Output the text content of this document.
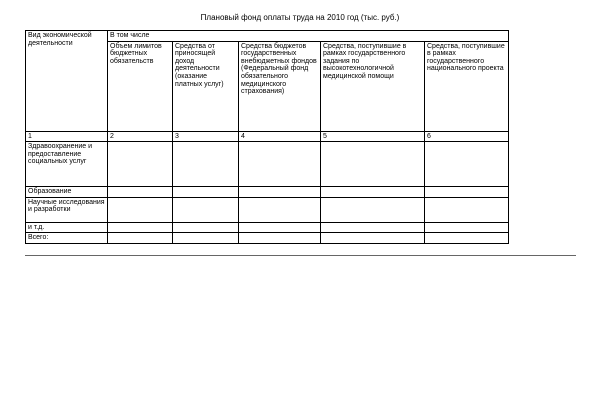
Плановый фонд оплаты труда на 2010 год (тыс. руб.)
Вид экономической деятельности	В том числе				
	Объем лимитов бюджетных обязательств	Средства от приносящей доход деятельности (оказание платных услуг)	Средства бюджетов государственных внебюджетных фондов (Федеральный фонд обязательного медицинского страхования)	Средства, поступившие в рамках государственного задания по высокотехнологичной медицинской помощи	Средства, поступившие в рамках государственного национального проекта
1	2	3	4	5	6
Здравоохранение и предоставление социальных услуг					
Образование					
Научные исследования и разработки					
и т.д.					
Всего:					
